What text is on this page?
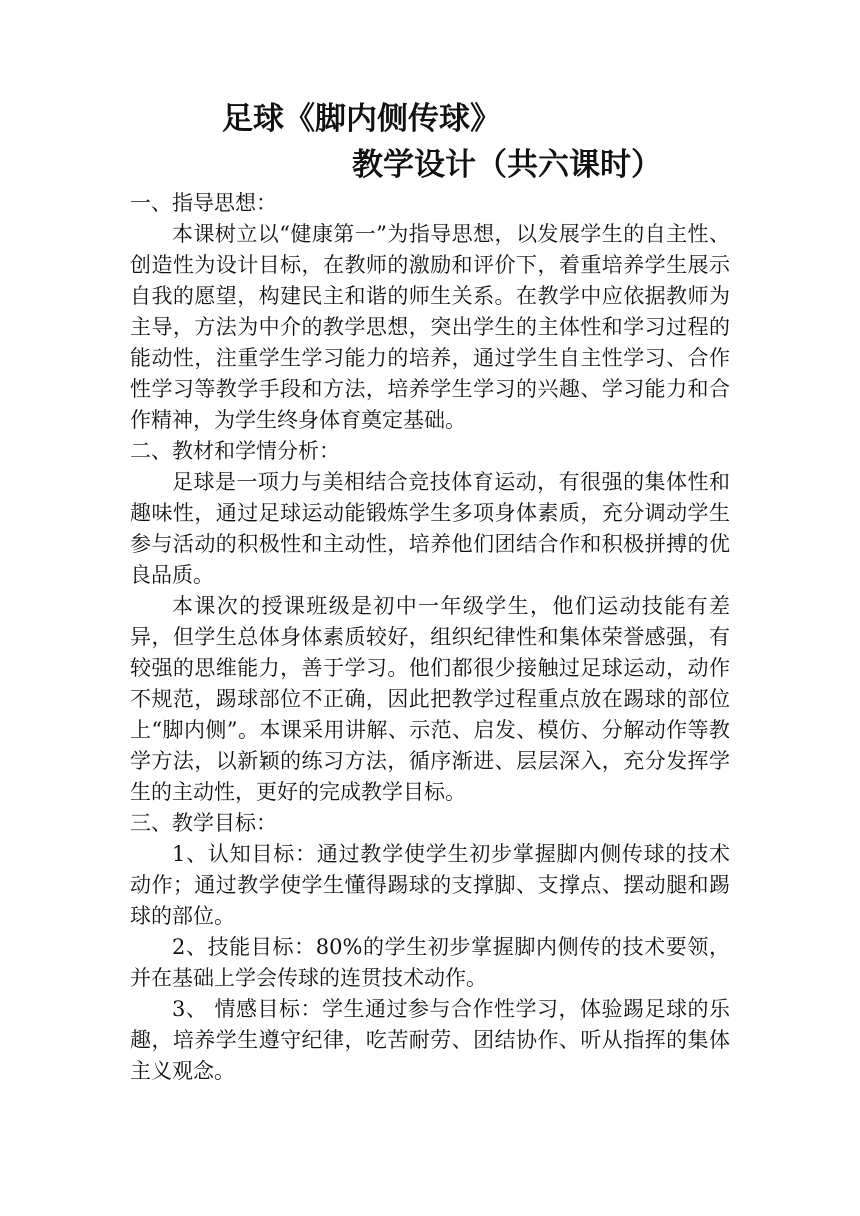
足球《脚内侧传球》
教学设计（共六课时）
一、指导思想：

本课树立以“健康第一”为指导思想，以发展学生的自主性、创造性为设计目标，在教师的激励和评价下，着重培养学生展示自我的愿望，构建民主和谐的师生关系。在教学中应依据教师为主导，方法为中介的教学思想，突出学生的主体性和学习过程的能动性，注重学生学习能力的培养，通过学生自主性学习、合作性学习等教学手段和方法，培养学生学习的兴趣、学习能力和合作精神，为学生终身体育奠定基础。

二、教材和学情分析：

足球是一项力与美相结合竞技体育运动，有很强的集体性和趣味性，通过足球运动能锻炼学生多项身体素质，充分调动学生参与活动的积极性和主动性，培养他们团结合作和积极拼搏的优良品质。

本课次的授课班级是初中一年级学生，他们运动技能有差异，但学生总体身体素质较好，组织纪律性和集体荣誉感强，有较强的思维能力，善于学习。他们都很少接触过足球运动，动作不规范，踢球部位不正确，因此把教学过程重点放在踢球的部位上“脚内侧”。本课采用讲解、示范、启发、模仿、分解动作等教学方法，以新颖的练习方法，循序渐进、层层深入，充分发挥学生的主动性，更好的完成教学目标。

三、教学目标：

1、认知目标：通过教学使学生初步掌握脚内侧传球的技术动作；通过教学使学生懂得踢球的支撑脚、支撑点、摆动腿和踢球的部位。

2、技能目标：80%的学生初步掌握脚内侧传的技术要领，并在基础上学会传球的连贯技术动作。

3、 情感目标：学生通过参与合作性学习，体验踢足球的乐趣，培养学生遵守纪律，吃苦耐劳、团结协作、听从指挥的集体主义观念。
